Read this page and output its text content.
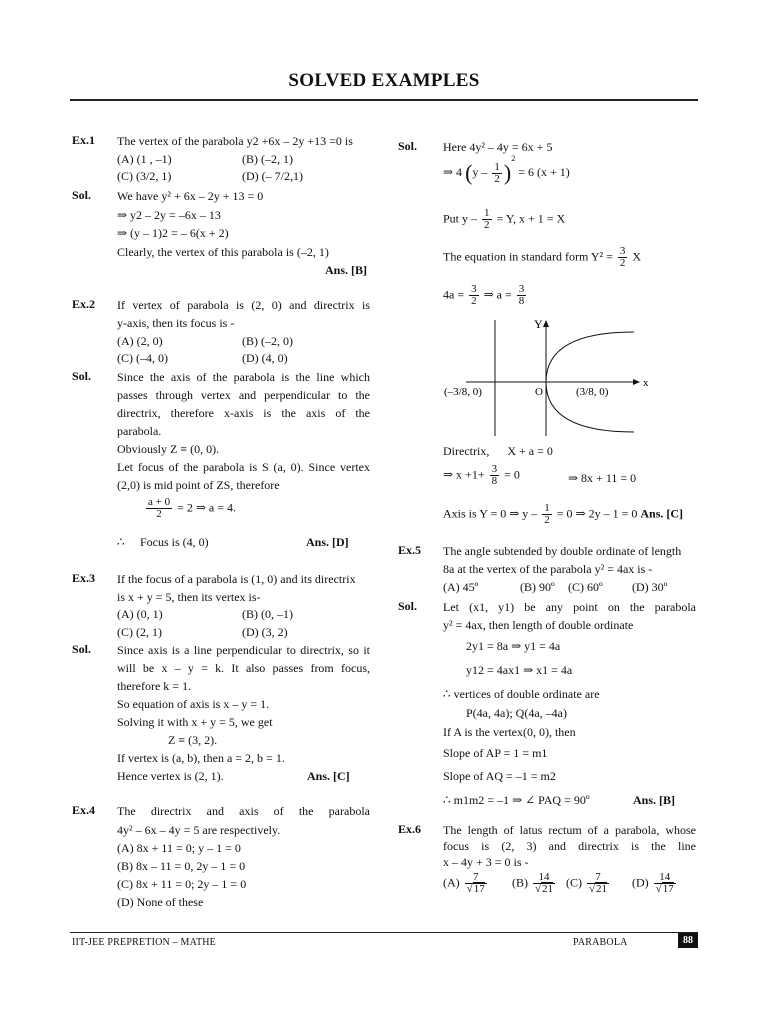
SOLVED EXAMPLES
Ex.1 The vertex of the parabola y2 +6x – 2y +13 =0 is
(A) (1 , –1)	(B) (–2, 1)
(C) (3/2, 1)	(D) (– 7/2,1)
Sol. We have y² + 6x – 2y + 13 = 0
⇒ y2 – 2y = –6x – 13
⇒ (y – 1)2 = – 6(x + 2)
Clearly, the vertex of this parabola is (–2, 1)
Ans. [B]
Ex.2 If vertex of parabola is (2, 0) and directrix is
y-axis, then its focus is -
(A) (2, 0)	(B) (–2, 0)
(C) (–4, 0)	(D) (4, 0)
Sol. Since the axis of the parabola is the line which
passes through vertex and perpendicular to the
directrix, therefore x-axis is the axis of the
parabola.
Obviously Z ≡ (0, 0).
Let focus of the parabola is S (a, 0). Since vertex
(2,0) is mid point of ZS, therefore
$\frac{a + 0}{2} = 2$ ⇒ a = 4.
∴ Focus is (4, 0)	Ans. [D]
Ex.3 If the focus of a parabola is (1, 0) and its directrix
is x + y = 5, then its vertex is-
(A) (0, 1)	(B) (0, –1)
(C) (2, 1)	(D) (3, 2)
Sol. Since axis is a line perpendicular to directrix, so it
will be x – y = k. It also passes from focus,
therefore k = 1.
So equation of axis is x – y = 1.
Solving it with x + y = 5, we get
Z ≡ (3, 2).
If vertex is (a, b), then a = 2, b = 1.
Hence vertex is (2, 1).	Ans. [C]
Ex.4 The directrix and axis of the parabola
4y² – 6x – 4y = 5 are respectively.
(A) 8x + 11 = 0; y – 1 = 0
(B) 8x – 11 = 0, 2y – 1 = 0
(C) 8x + 11 = 0; 2y – 1 = 0
(D) None of these
Sol. Here 4y² – 4y = 6x + 5
⇒ 4 $(y - \frac{1}{2} )^2 = 6$ (x + 1)
Put $y - \frac{1}{2} = Y$, x + 1 = X
The equation in standard form $Y^2 = \frac{3}{2}$ X
$4a = \frac{3}{2}$ ⇒ $a = \frac{3}{8}$
Y
x
O
(–3/8, 0)	(3/8, 0)
Directrix,      X + a = 0
⇒ $x +1+ \frac{3}{8} = 0$	⇒ 8x + 11 = 0
Axis is Y = 0 ⇒ $y - \frac{1}{2} = 0$ ⇒ 2y – 1 = 0 Ans. [C]
Ex.5 The angle subtended by double ordinate of length
8a at the vertex of the parabola y² = 4ax is -
(A) 45º	(B) 90º (C) 60º (D) 30º
Sol. Let (x1, y1) be any point on the parabola
y² = 4ax, then length of double ordinate
2y1 = 8a ⇒ y1 = 4a
y12 = 4ax1 ⇒ x1 = 4a
∴ vertices of double ordinate are
P(4a, 4a); Q(4a, –4a)
If A is the vertex(0, 0), then
Slope of AP = 1 = m1
Slope of AQ = –1 = m2
∴ m1m2 = –1 ⇒ ∠ PAQ = 90º	Ans. [B]
Ex.6 The length of latus rectum of a parabola, whose
focus is (2, 3) and directrix is the line
x – 4y + 3 = 0 is -
$(A) \frac{7}{√17} (B) \frac{14}{√21} (C) \frac{7}{√21} (D) \frac{14}{√17}$
IIT-JEE PREPRETION – MATHE	PARABOLA	88
